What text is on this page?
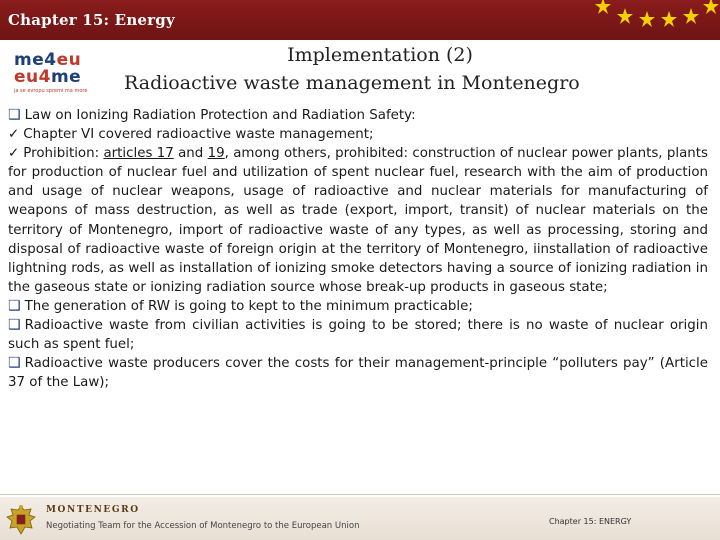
Chapter 15: Energy
me4eu
eu4me
ja se evropu spremi ma more
Implementation (2)
Radioactive waste management in Montenegro

❑ Law on Ionizing Radiation Protection and Radiation Safety:

✓ Chapter VI covered radioactive waste management;

✓ Prohibition: articles 17 and 19, among others, prohibited: construction of nuclear power plants, plants for production of nuclear fuel and utilization of spent nuclear fuel, research with the aim of production and usage of nuclear weapons, usage of radioactive and nuclear materials for manufacturing of weapons of mass destruction, as well as trade (export, import, transit) of nuclear materials on the territory of Montenegro, import of radioactive waste of any types, as well as processing, storing and disposal of radioactive waste of foreign origin at the territory of Montenegro, iinstallation of radioactive lightning rods, as well as installation of ionizing smoke detectors having a source of ionizing radiation in the gaseous state or ionizing radiation source whose break-up products in gaseous state;

❑ The generation of RW is going to kept to the minimum practicable;

❑ Radioactive waste from civilian activities is going to be stored; there is no waste of nuclear origin such as spent fuel;

❑ Radioactive waste producers cover the costs for their management-principle “polluters pay” (Article 37 of the Law);

MONTENEGRO
Negotiating Team for the Accession of Montenegro to the European Union	Chapter 15: ENERGY
